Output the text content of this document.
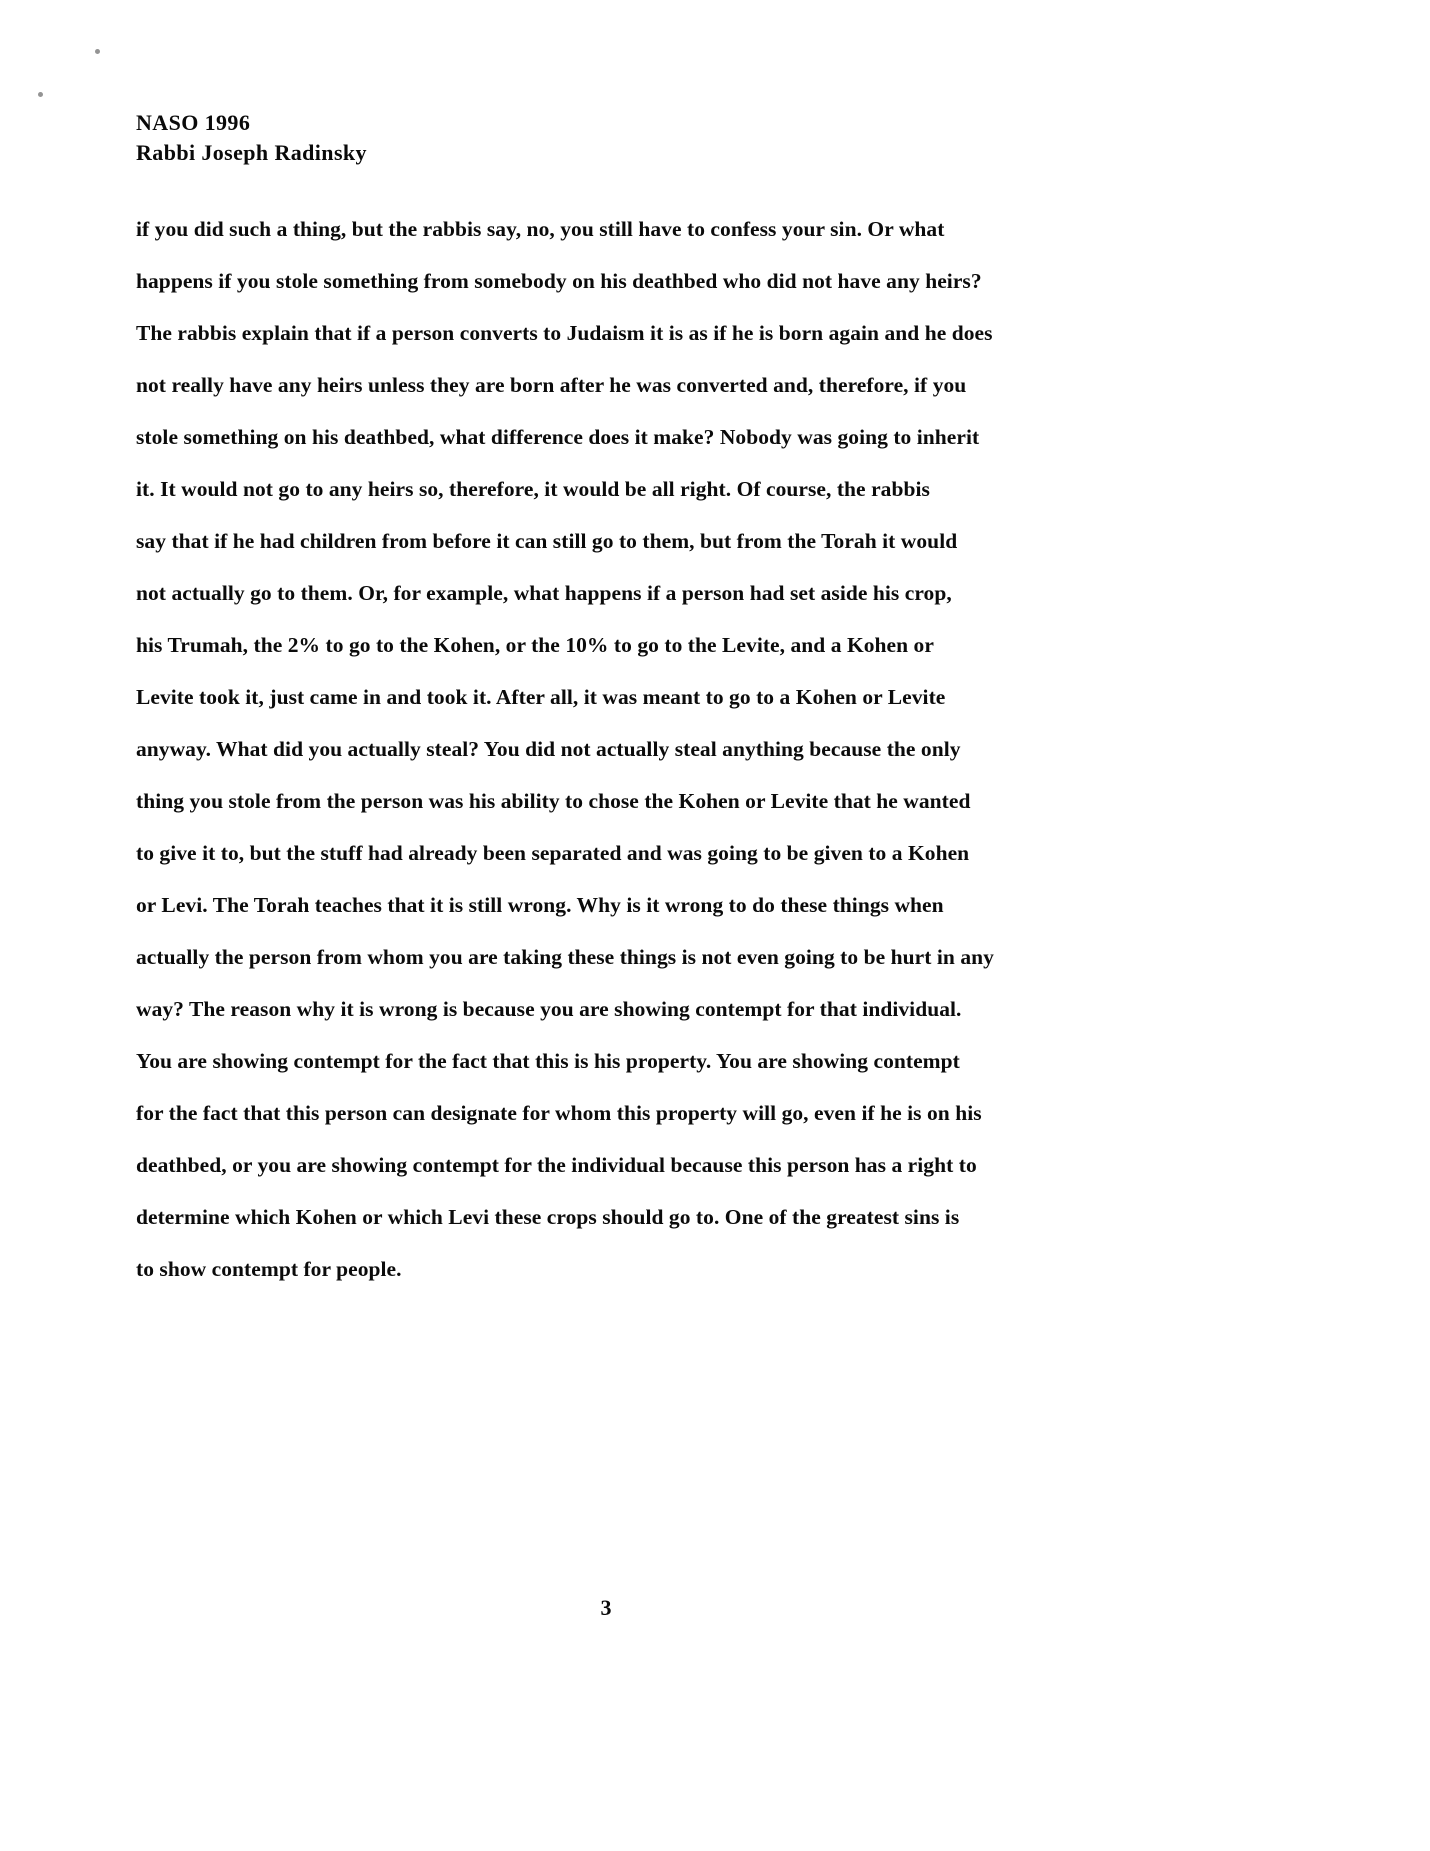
NASO 1996
Rabbi Joseph Radinsky
if you did such a thing, but the rabbis say, no, you still have to confess your sin. Or what
happens if you stole something from somebody on his deathbed who did not have any heirs?
The rabbis explain that if a person converts to Judaism it is as if he is born again and he does
not really have any heirs unless they are born after he was converted and, therefore, if you
stole something on his deathbed, what difference does it make? Nobody was going to inherit
it. It would not go to any heirs so, therefore, it would be all right. Of course, the rabbis
say that if he had children from before it can still go to them, but from the Torah it would
not actually go to them. Or, for example, what happens if a person had set aside his crop,
his Trumah, the 2% to go to the Kohen, or the 10% to go to the Levite, and a Kohen or
Levite took it, just came in and took it. After all, it was meant to go to a Kohen or Levite
anyway. What did you actually steal? You did not actually steal anything because the only
thing you stole from the person was his ability to chose the Kohen or Levite that he wanted
to give it to, but the stuff had already been separated and was going to be given to a Kohen
or Levi. The Torah teaches that it is still wrong. Why is it wrong to do these things when
actually the person from whom you are taking these things is not even going to be hurt in any
way? The reason why it is wrong is because you are showing contempt for that individual.
You are showing contempt for the fact that this is his property. You are showing contempt
for the fact that this person can designate for whom this property will go, even if he is on his
deathbed, or you are showing contempt for the individual because this person has a right to
determine which Kohen or which Levi these crops should go to. One of the greatest sins is
to show contempt for people.
3
